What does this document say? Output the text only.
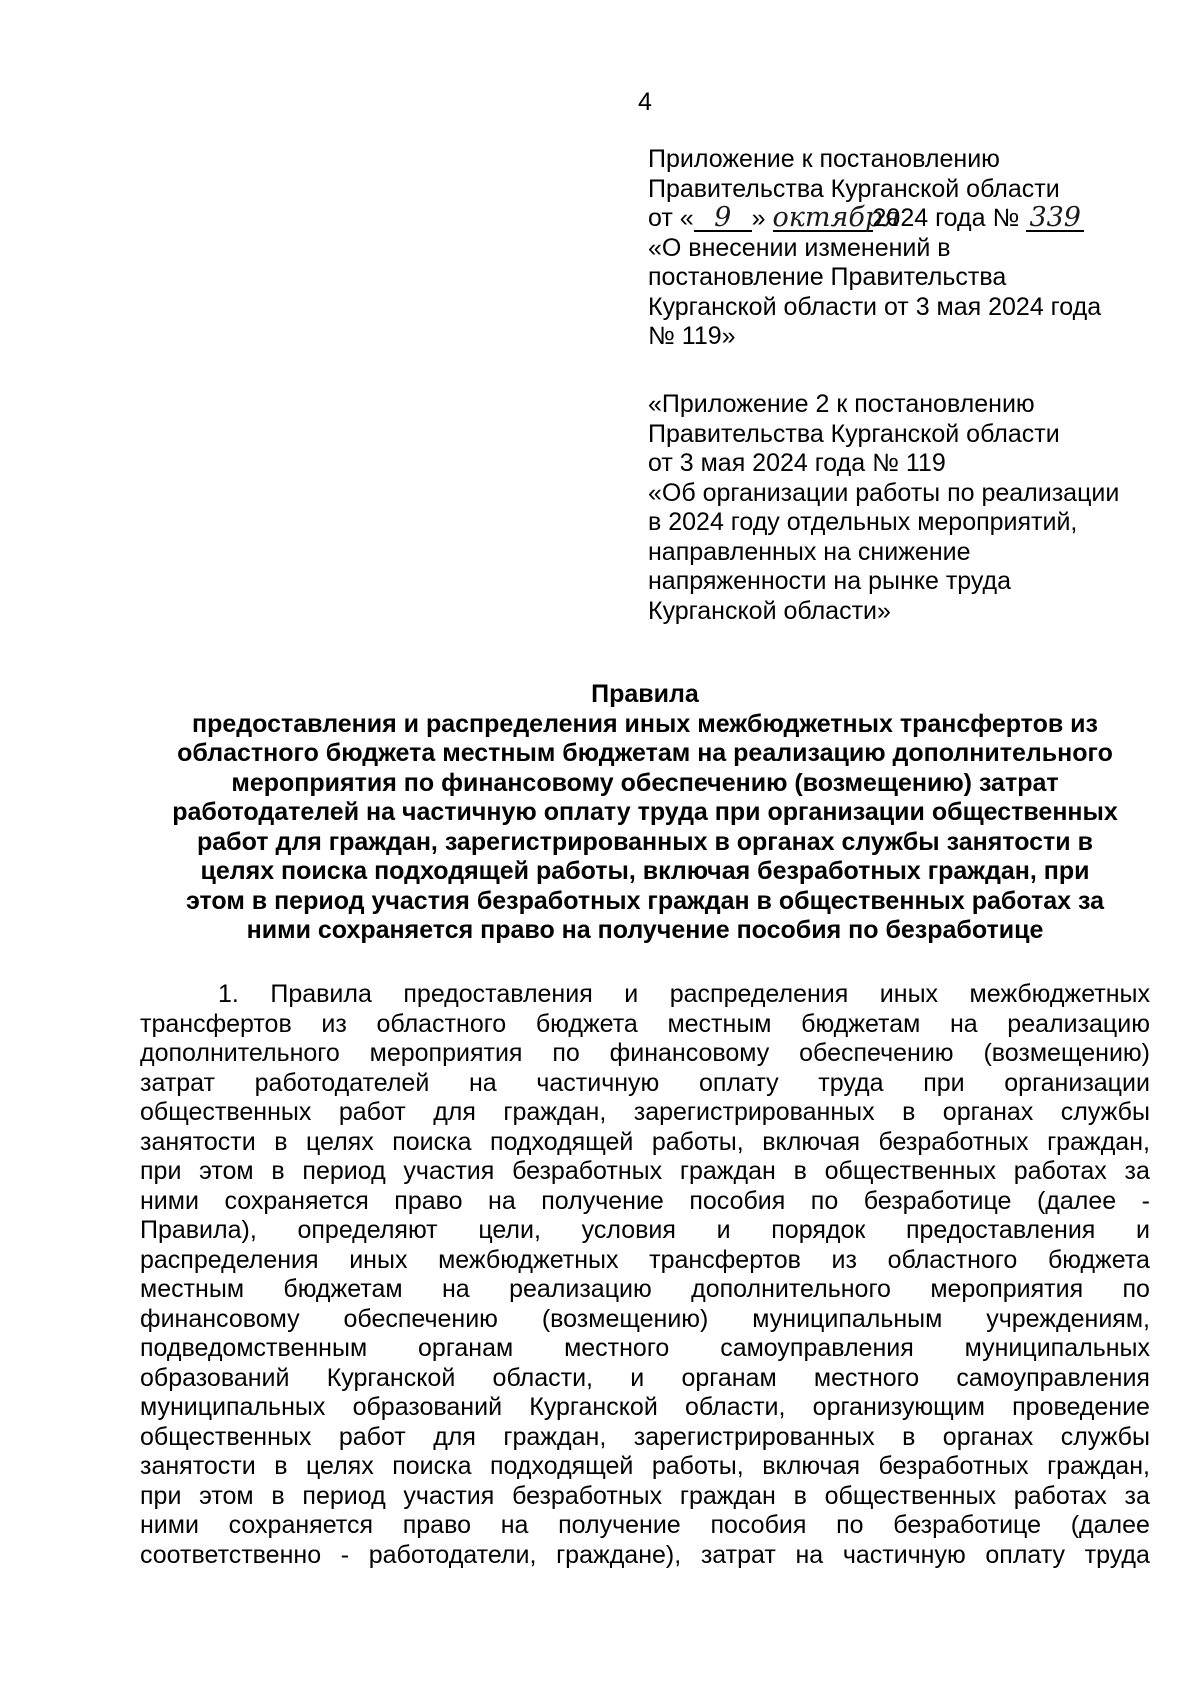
4
Приложение к постановлению
Правительства Курганской области
от « 9 » октября2024 года № 339
«О внесении изменений в
постановление Правительства
Курганской области от 3 мая 2024 года
№ 119»
«Приложение 2 к постановлению
Правительства Курганской области
от 3 мая 2024 года № 119
«Об организации работы по реализации
в 2024 году отдельных мероприятий,
направленных на снижение
напряженности на рынке труда
Курганской области»
Правила
предоставления и распределения иных межбюджетных трансфертов из
областного бюджета местным бюджетам на реализацию дополнительного
мероприятия по финансовому обеспечению (возмещению) затрат
работодателей на частичную оплату труда при организации общественных
работ для граждан, зарегистрированных в органах службы занятости в
целях поиска подходящей работы, включая безработных граждан, при
этом в период участия безработных граждан в общественных работах за
ними сохраняется право на получение пособия по безработице
1. Правила предоставления и распределения иных межбюджетных
трансфертов из областного бюджета местным бюджетам на реализацию
дополнительного мероприятия по финансовому обеспечению (возмещению)
затрат работодателей на частичную оплату труда при организации
общественных работ для граждан, зарегистрированных в органах службы
занятости в целях поиска подходящей работы, включая безработных граждан,
при этом в период участия безработных граждан в общественных работах за
ними сохраняется право на получение пособия по безработице (далее -
Правила), определяют цели, условия и порядок предоставления и
распределения иных межбюджетных трансфертов из областного бюджета
местным бюджетам на реализацию дополнительного мероприятия по
финансовому обеспечению (возмещению) муниципальным учреждениям,
подведомственным органам местного самоуправления муниципальных
образований Курганской области, и органам местного самоуправления
муниципальных образований Курганской области, организующим проведение
общественных работ для граждан, зарегистрированных в органах службы
занятости в целях поиска подходящей работы, включая безработных граждан,
при этом в период участия безработных граждан в общественных работах за
ними сохраняется право на получение пособия по безработице (далее
соответственно - работодатели, граждане), затрат на частичную оплату труда
